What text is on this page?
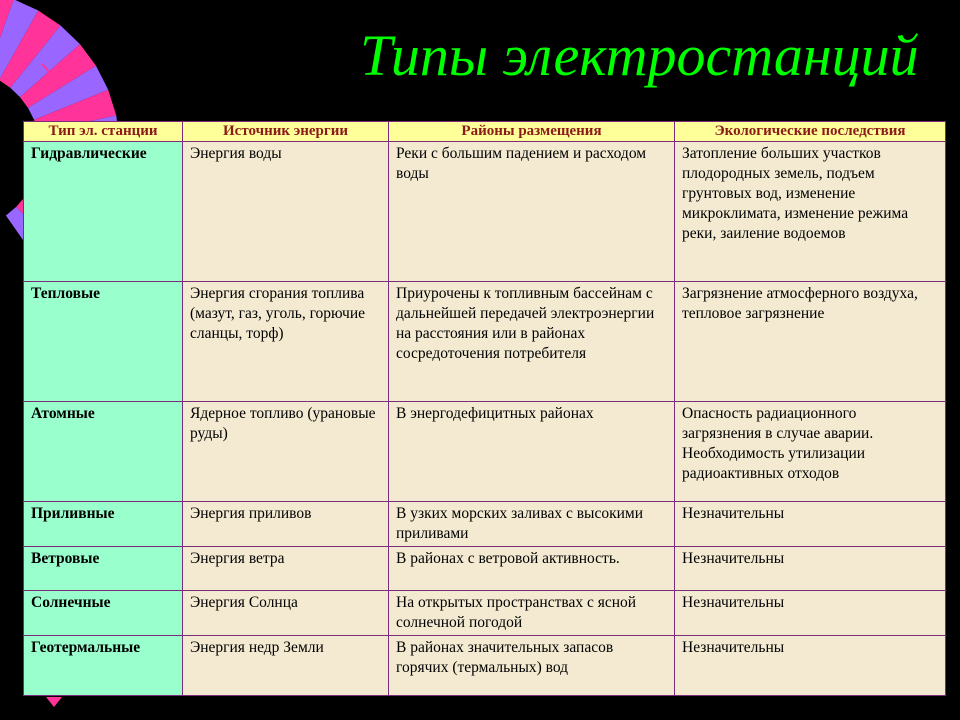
Типы электростанций
Тип эл. станции	Источник энергии	Районы размещения	Экологические последствия
Гидравлические	Энергия воды	Реки с большим падением и расходом воды	Затопление больших участков плодородных земель, подъем грунтовых вод, изменение микроклимата, изменение режима реки, заиление водоемов
Тепловые	Энергия сгорания топлива (мазут, газ, уголь, горючие сланцы, торф)	Приурочены к топливным бассейнам с дальнейшей передачей электроэнергии на расстояния или в районах сосредоточения потребителя	Загрязнение атмосферного воздуха, тепловое загрязнение
Атомные	Ядерное топливо (урановые руды)	В энергодефицитных районах	Опасность радиационного загрязнения в случае аварии. Необходимость утилизации радиоактивных отходов
Приливные	Энергия приливов	В узких морских заливах с высокими приливами	Незначительны
Ветровые	Энергия ветра	В районах с ветровой активность.	Незначительны
Солнечные	Энергия Солнца	На открытых пространствах с ясной солнечной погодой	Незначительны
Геотермальные	Энергия недр Земли	В районах значительных запасов горячих (термальных) вод	Незначительны
